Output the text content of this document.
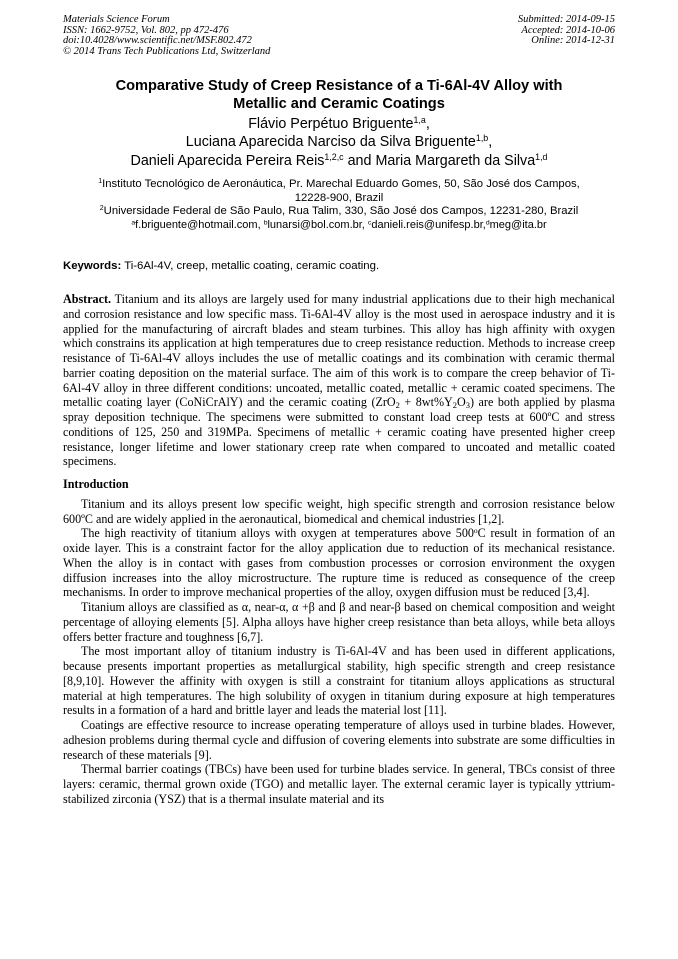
Materials Science Forum
ISSN: 1662-9752, Vol. 802, pp 472-476
doi:10.4028/www.scientific.net/MSF.802.472
© 2014 Trans Tech Publications Ltd, Switzerland
Submitted: 2014-09-15
Accepted: 2014-10-06
Online: 2014-12-31
Comparative Study of Creep Resistance of a Ti-6Al-4V Alloy with
Metallic and Ceramic Coatings
Flávio Perpétuo Briguente$^{1,a}$,
Luciana Aparecida Narciso da Silva Briguente$^{1,b}$,
Danieli Aparecida Pereira Reis$^{1,2,c}$ and Maria Margareth da Silva$^{1,d}$
$^1$Instituto Tecnológico de Aeronáutica, Pr. Marechal Eduardo Gomes, 50, São José dos Campos,
12228-900, Brazil
$^2$Universidade Federal de São Paulo, Rua Talim, 330, São José dos Campos, 12231-280, Brazil
$^a$f.briguente@hotmail.com, $^b$lunarsi@bol.com.br, $^c$danieli.reis@unifesp.br,$^d$meg@ita.br
Keywords: Ti-6Al-4V, creep, metallic coating, ceramic coating.

Abstract. Titanium and its alloys are largely used for many industrial applications due to their high mechanical and corrosion resistance and low specific mass. Ti-6Al-4V alloy is the most used in aerospace industry and it is applied for the manufacturing of aircraft blades and steam turbines. This alloy has high affinity with oxygen which constrains its application at high temperatures due to creep resistance reduction. Methods to increase creep resistance of Ti-6Al-4V alloys includes the use of metallic coatings and its combination with ceramic thermal barrier coating deposition on the material surface. The aim of this work is to compare the creep behavior of Ti-6Al-4V alloy in three different conditions: uncoated, metallic coated, metallic + ceramic coated specimens. The metallic coating layer (CoNiCrAlY) and the ceramic coating $(ZrO_2 + 8wt\%Y_2O_3)$ are both applied by plasma spray deposition technique. The specimens were submitted to constant load creep tests at 600ºC and stress conditions of 125, 250 and 319MPa. Specimens of metallic + ceramic coating have presented higher creep resistance, longer lifetime and lower stationary creep rate when compared to uncoated and metallic coated specimens.

Introduction

Titanium and its alloys present low specific weight, high specific strength and corrosion resistance below 600ºC and are widely applied in the aeronautical, biomedical and chemical industries [1,2].

The high reactivity of titanium alloys with oxygen at temperatures above 500$^o$C result in formation of an oxide layer. This is a constraint factor for the alloy application due to reduction of its mechanical resistance. When the alloy is in contact with gases from combustion processes or corrosion environment the oxygen diffusion increases into the alloy microstructure. The rupture time is reduced as consequence of the creep mechanisms. In order to improve mechanical properties of the alloy, oxygen diffusion must be reduced [3,4].

Titanium alloys are classified as α, near-α, α +β and β and near-β based on chemical composition and weight percentage of alloying elements [5]. Alpha alloys have higher creep resistance than beta alloys, while beta alloys offers better fracture and toughness [6,7].

The most important alloy of titanium industry is Ti-6Al-4V and has been used in different applications, because presents important properties as metallurgical stability, high specific strength and creep resistance [8,9,10]. However the affinity with oxygen is still a constraint for titanium alloys applications as structural material at high temperatures. The high solubility of oxygen in titanium during exposure at high temperatures results in a formation of a hard and brittle layer and leads the material lost [11].

Coatings are effective resource to increase operating temperature of alloys used in turbine blades. However, adhesion problems during thermal cycle and diffusion of covering elements into substrate are some difficulties in research of these materials [9].

Thermal barrier coatings (TBCs) have been used for turbine blades service. In general, TBCs consist of three layers: ceramic, thermal grown oxide (TGO) and metallic layer. The external ceramic layer is typically yttrium-stabilized zirconia (YSZ) that is a thermal insulate material and its
